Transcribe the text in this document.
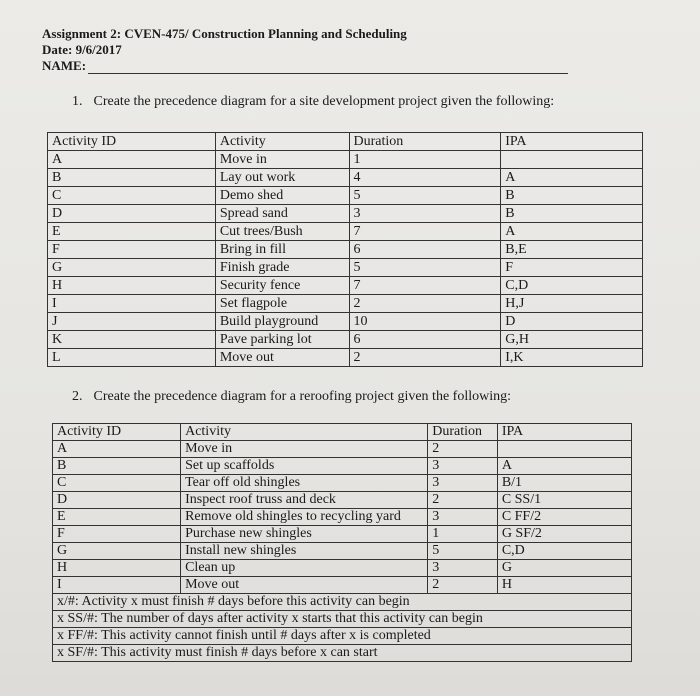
Assignment 2: CVEN-475/ Construction Planning and Scheduling
Date: 9/6/2017
NAME:
1. Create the precedence diagram for a site development project given the following:
Activity ID	Activity	Duration	IPA
A	Move in	1	
B	Lay out work	4	A
C	Demo shed	5	B
D	Spread sand	3	B
E	Cut trees/Bush	7	A
F	Bring in fill	6	B,E
G	Finish grade	5	F
H	Security fence	7	C,D
I	Set flagpole	2	H,J
J	Build playground	10	D
K	Pave parking lot	6	G,H
L	Move out	2	I,K
2. Create the precedence diagram for a reroofing project given the following:
Activity ID	Activity	Duration	IPA
A	Move in	2	
B	Set up scaffolds	3	A
C	Tear off old shingles	3	B/1
D	Inspect roof truss and deck	2	C SS/1
E	Remove old shingles to recycling yard	3	C FF/2
F	Purchase new shingles	1	G SF/2
G	Install new shingles	5	C,D
H	Clean up	3	G
I	Move out	2	H
x/#: Activity x must finish # days before this activity can begin			
x SS/#: The number of days after activity x starts that this activity can begin			
x FF/#: This activity cannot finish until # days after x is completed			
x SF/#: This activity must finish # days before x can start			
